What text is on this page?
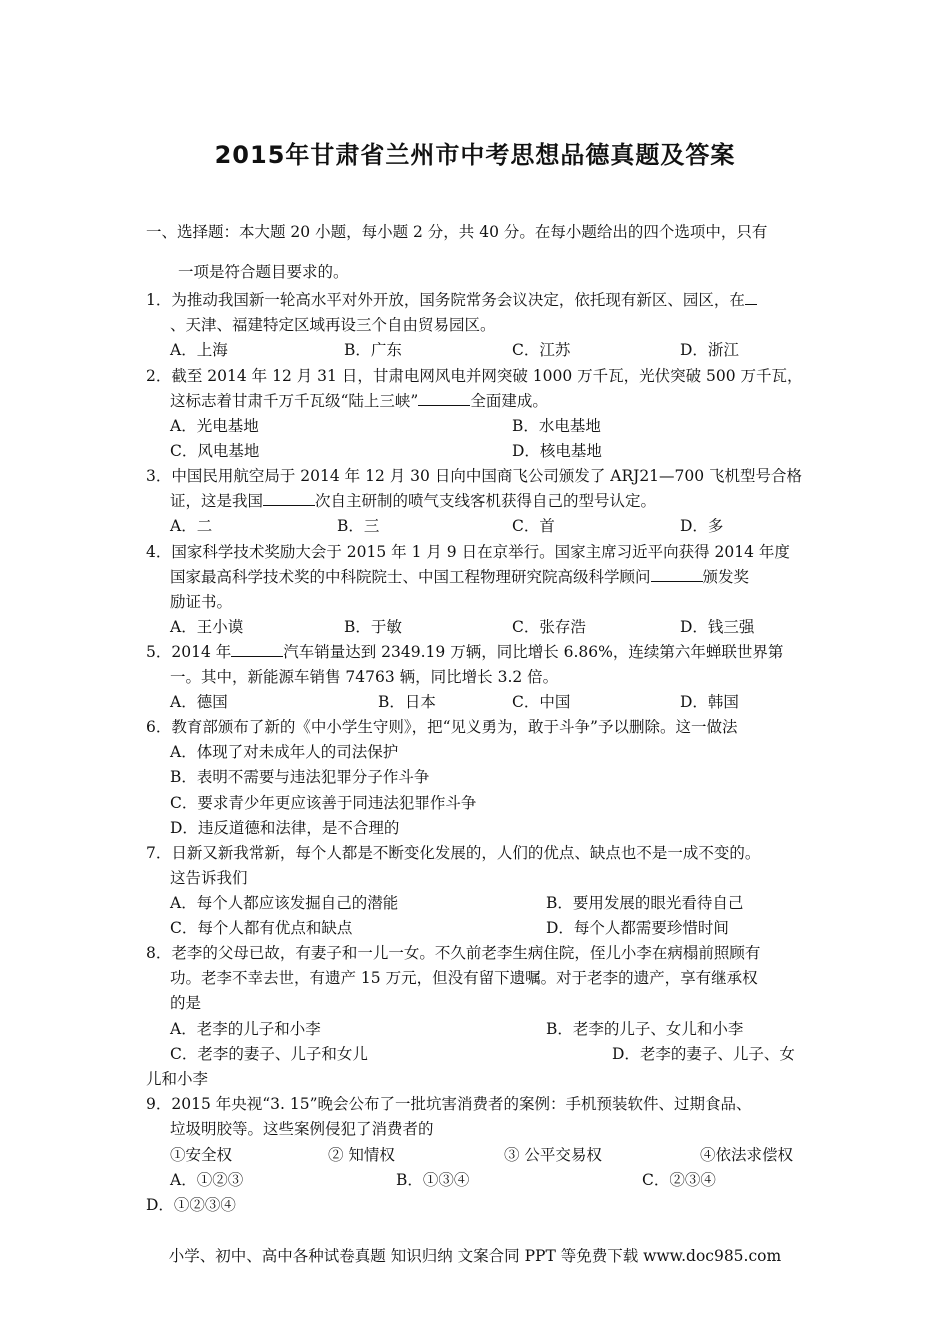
2015年甘肃省兰州市中考思想品德真题及答案
一、选择题：本大题 20 小题，每小题 2 分，共 40 分。在每小题给出的四个选项中，只有
一项是符合题目要求的。
1．为推动我国新一轮高水平对外开放，国务院常务会议决定，依托现有新区、园区，在
、天津、福建特定区域再设三个自由贸易园区。
A．上海	B．广东	C．江苏	D．浙江
2．截至 2014 年 12 月 31 日，甘肃电网风电并网突破 1000 万千瓦，光伏突破 500 万千瓦，
这标志着甘肃千万千瓦级“陆上三峡”	全面建成。
A．光电基地	B．水电基地
C．风电基地	D．核电基地
3．中国民用航空局于 2014 年 12 月 30 日向中国商飞公司颁发了 ARJ21—700 飞机型号合格
证，这是我国	次自主研制的喷气支线客机获得自己的型号认定。
A．二	B．三	C．首	D．多
4．国家科学技术奖励大会于 2015 年 1 月 9 日在京举行。国家主席习近平向获得 2014 年度
国家最高科学技术奖的中科院院士、中国工程物理研究院高级科学顾问	颁发奖
励证书。
A．王小谟	B．于敏	C．张存浩	D．钱三强
5．2014 年	汽车销量达到 2349.19 万辆，同比增长 6.86%，连续第六年蝉联世界第
一。其中，新能源车销售 74763 辆，同比增长 3.2 倍。
A．德国	B．日本	C．中国	D．韩国
6．教育部颁布了新的《中小学生守则》，把“见义勇为，敢于斗争”予以删除。这一做法
A．体现了对未成年人的司法保护
B．表明不需要与违法犯罪分子作斗争
C．要求青少年更应该善于同违法犯罪作斗争
D．违反道德和法律，是不合理的
7．日新又新我常新，每个人都是不断变化发展的，人们的优点、缺点也不是一成不变的。
这告诉我们
A．每个人都应该发掘自己的潜能	B．要用发展的眼光看待自己
C．每个人都有优点和缺点	D．每个人都需要珍惜时间
8．老李的父母已故，有妻子和一儿一女。不久前老李生病住院，侄儿小李在病榻前照顾有
功。老李不幸去世，有遗产 15 万元，但没有留下遗嘱。对于老李的遗产，享有继承权
的是
A．老李的儿子和小李	B．老李的儿子、女儿和小李
C．老李的妻子、儿子和女儿	D．老李的妻子、儿子、女
儿和小李
9．2015 年央视“3. 15”晚会公布了一批坑害消费者的案例：手机预装软件、过期食品、
垃圾明胶等。这些案例侵犯了消费者的
①安全权	② 知情权	③ 公平交易权	④依法求偿权
A．①②③	B．①③④	C．②③④
D．①②③④
小学、初中、高中各种试卷真题 知识归纳 文案合同 PPT 等免费下载 www.doc985.com
